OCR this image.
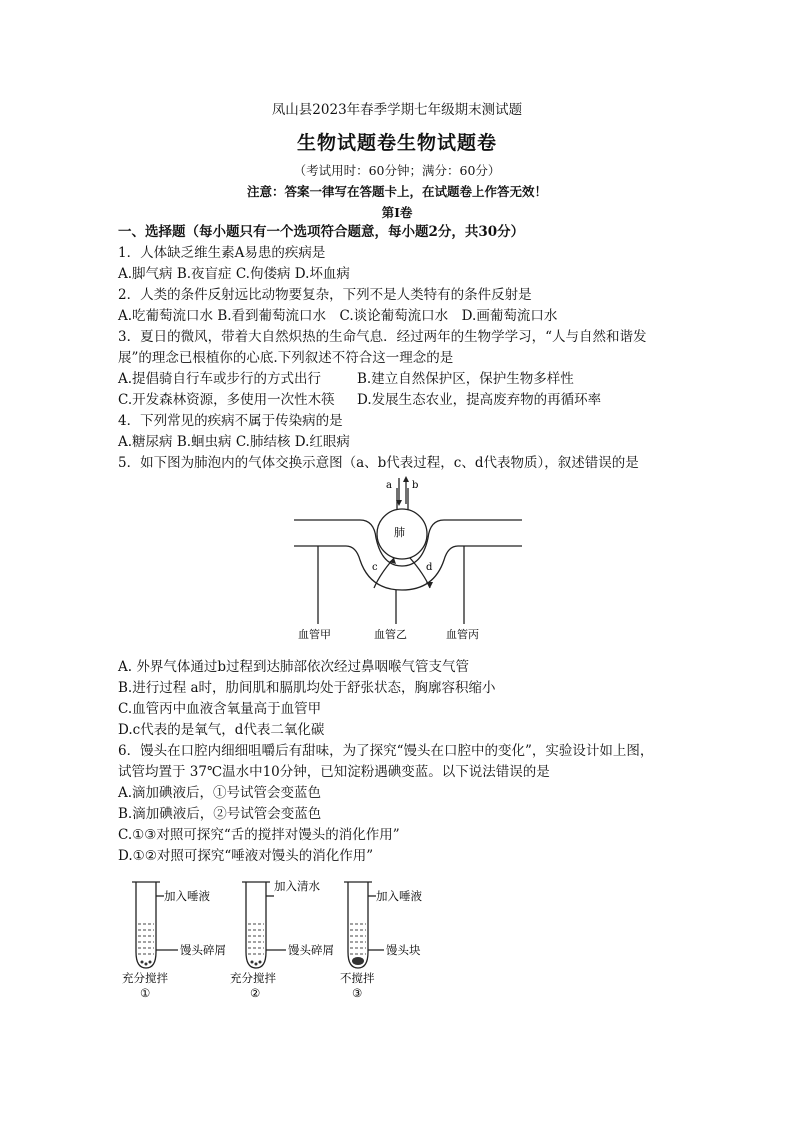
凤山县2023年春季学期七年级期末测试题
生物试题卷生物试题卷
（考试用时：60分钟；满分：60分）
注意：答案一律写在答题卡上，在试题卷上作答无效！
第Ⅰ卷
一、选择题（每小题只有一个选项符合题意，每小题2分，共30分）
1．人体缺乏维生素A易患的疾病是
A.脚气病 B.夜盲症 C.佝偻病 D.坏血病
2．人类的条件反射远比动物要复杂，下列不是人类特有的条件反射是
A.吃葡萄流口水 B.看到葡萄流口水　C.谈论葡萄流口水　D.画葡萄流口水
3．夏日的微风，带着大自然炽热的生命气息．经过两年的生物学学习，“人与自然和谐发
展”的理念已根植你的心底.下列叙述不符合这一理念的是
A.提倡骑自行车或步行的方式出行	B.建立自然保护区，保护生物多样性
C.开发森林资源，多使用一次性木筷 D.发展生态农业，提高废弃物的再循环率
4．下列常见的疾病不属于传染病的是
A.糖尿病 B.蛔虫病 C.肺结核 D.红眼病
5．如下图为肺泡内的气体交换示意图（a、b代表过程，c、d代表物质），叙述错误的是
a b
肺
c	d
血管甲	血管乙	血管丙
A. 外界气体通过b过程到达肺部依次经过鼻咽喉气管支气管
B.进行过程 a时，肋间肌和膈肌均处于舒张状态，胸廓容积缩小
C.血管丙中血液含氧量高于血管甲
D.c代表的是氧气，d代表二氧化碳
6．馒头在口腔内细细咀嚼后有甜味，为了探究“馒头在口腔中的变化”，实验设计如上图，
试管均置于 37℃温水中10分钟，已知淀粉遇碘变蓝。以下说法错误的是
A.滴加碘液后，①号试管会变蓝色
B.滴加碘液后，②号试管会变蓝色
C.①③对照可探究“舌的搅拌对馒头的消化作用”
D.①②对照可探究“唾液对馒头的消化作用”
加入唾液
馒头碎屑
充分搅拌
①
加入清水
馒头碎屑
充分搅拌
②
加入唾液
馒头块
不搅拌
③
